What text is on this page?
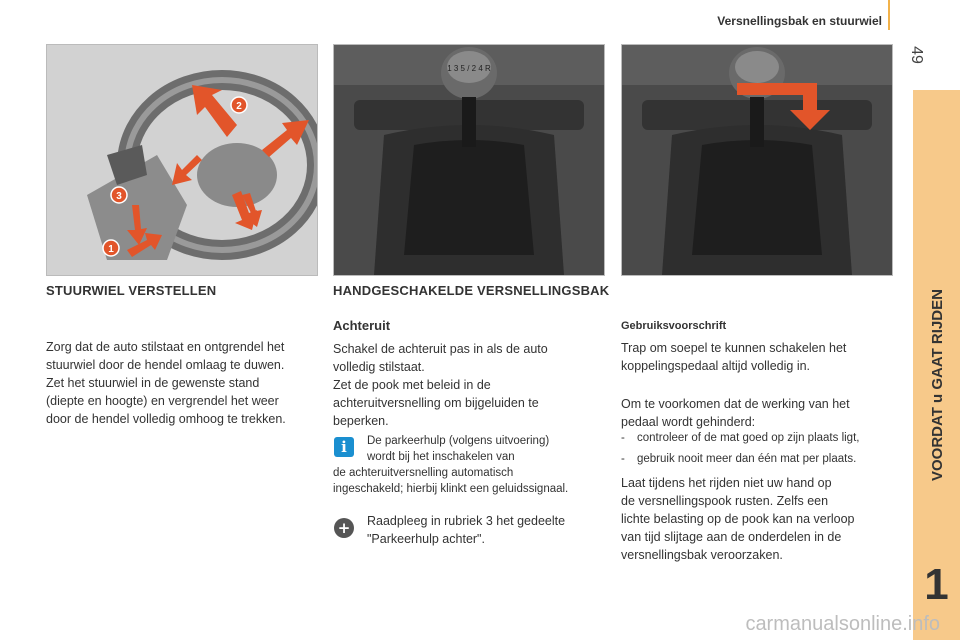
Versnellingsbak en stuurwiel
49
VOORDAT u GAAT RIJDEN
1
2
3
1
1 3 5 / 2 4 R
STUURWIEL VERSTELLEN
Zorg dat de auto stilstaat en ontgrendel het
stuurwiel door de hendel omlaag te duwen.
Zet het stuurwiel in de gewenste stand
(diepte en hoogte) en vergrendel het weer
door de hendel volledig omhoog te trekken.
HANDGESCHAKELDE VERSNELLINGSBAK
Achteruit
Schakel de achteruit pas in als de auto
volledig stilstaat.
Zet de pook met beleid in de
achteruitversnelling om bijgeluiden te
beperken.
i	De parkeerhulp (volgens uitvoering)
wordt bij het inschakelen van
de achteruitversnelling automatisch
ingeschakeld; hierbij klinkt een geluidssignaal.
+ Raadpleeg in rubriek 3 het gedeelte
"Parkeerhulp achter".
Gebruiksvoorschrift
Trap om soepel te kunnen schakelen het
koppelingspedaal altijd volledig in.
Om te voorkomen dat de werking van het
pedaal wordt gehinderd:
- controleer of de mat goed op zijn plaats ligt,
- gebruik nooit meer dan één mat per plaats.
Laat tijdens het rijden niet uw hand op
de versnellingspook rusten. Zelfs een
lichte belasting op de pook kan na verloop
van tijd slijtage aan de onderdelen in de
versnellingsbak veroorzaken.
carmanualsonline.info
